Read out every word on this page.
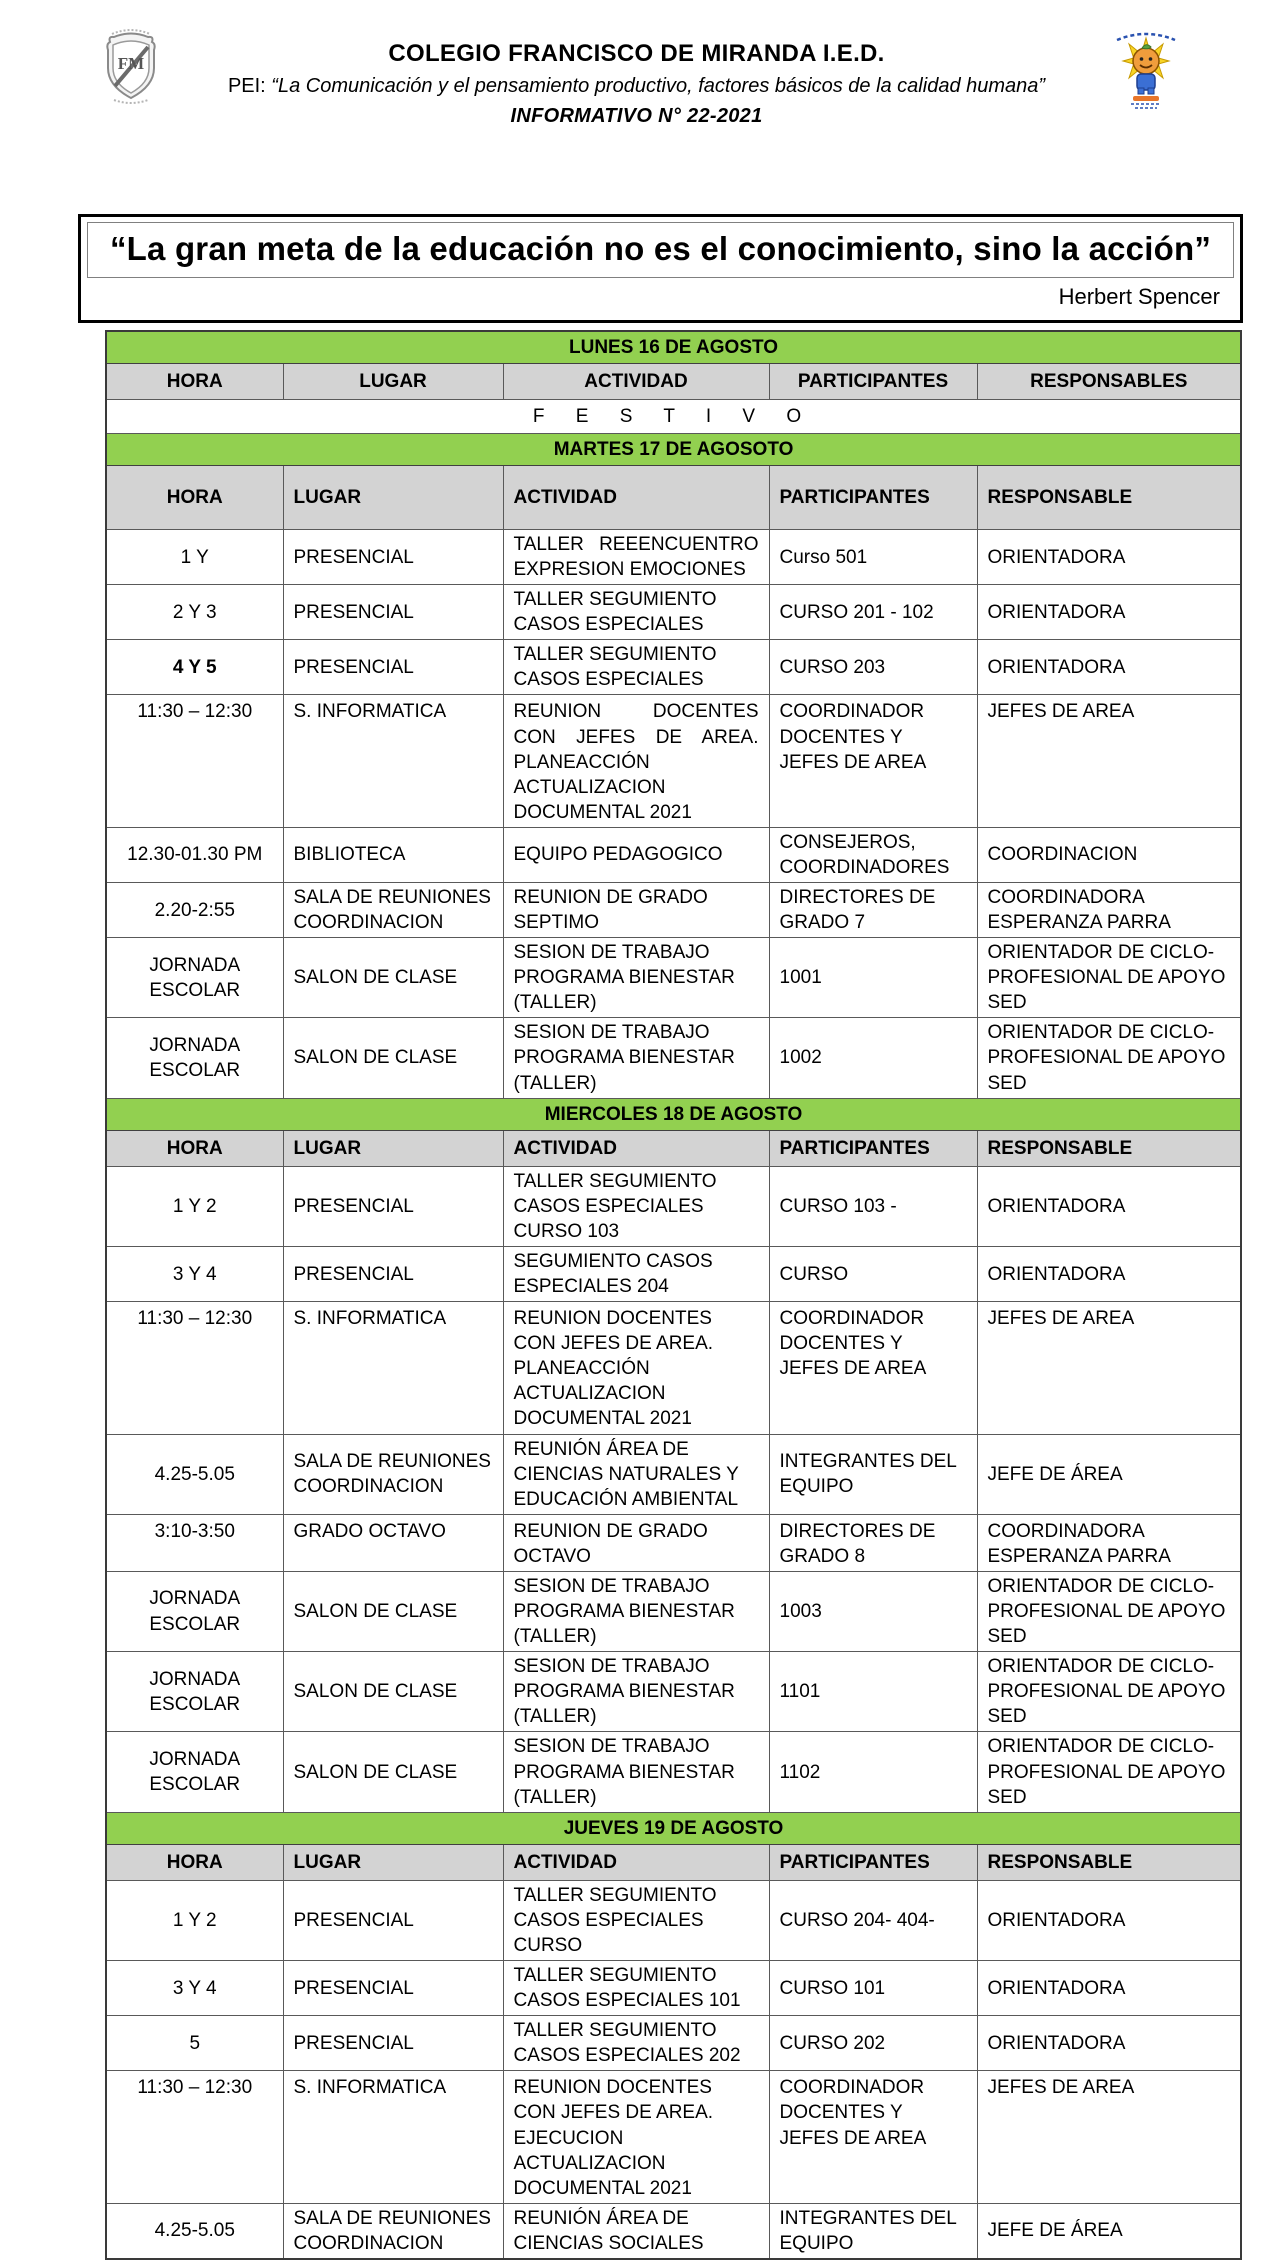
FM	COLEGIO FRANCISCO DE MIRANDA I.E.D.
PEI: “La Comunicación y el pensamiento productivo, factores básicos de la calidad humana”
INFORMATIVO N° 22-2021
“La gran meta de la educación no es el conocimiento, sino la acción”
Herbert Spencer
LUNES 16 DE AGOSTO				
HORA	LUGAR	ACTIVIDAD	PARTICIPANTES	RESPONSABLES
F E S T I V O				
MARTES 17 DE AGOSOTO				
HORA	LUGAR	ACTIVIDAD	PARTICIPANTES	RESPONSABLE
1 Y	PRESENCIAL	TALLER REEENCUENTRO EXPRESION EMOCIONES	Curso 501	ORIENTADORA
2 Y 3	PRESENCIAL	TALLER SEGUMIENTO CASOS ESPECIALES	CURSO 201 - 102	ORIENTADORA
4 Y 5	PRESENCIAL	TALLER SEGUMIENTO CASOS ESPECIALES	CURSO 203	ORIENTADORA
11:30 – 12:30	S. INFORMATICA	REUNION DOCENTES CON JEFES DE AREA. PLANEACCIÓN ACTUALIZACION DOCUMENTAL 2021	COORDINADOR DOCENTES Y JEFES DE AREA	JEFES DE AREA
12.30-01.30 PM	BIBLIOTECA	EQUIPO PEDAGOGICO	CONSEJEROS, COORDINADORES	COORDINACION
2.20-2:55	SALA DE REUNIONES COORDINACION	REUNION DE GRADO SEPTIMO	DIRECTORES DE GRADO 7	COORDINADORA ESPERANZA PARRA
JORNADA ESCOLAR	SALON DE CLASE	SESION DE TRABAJO PROGRAMA BIENESTAR (TALLER)	1001	ORIENTADOR DE CICLO- PROFESIONAL DE APOYO SED
JORNADA ESCOLAR	SALON DE CLASE	SESION DE TRABAJO PROGRAMA BIENESTAR (TALLER)	1002	ORIENTADOR DE CICLO- PROFESIONAL DE APOYO SED
MIERCOLES 18 DE AGOSTO				
HORA	LUGAR	ACTIVIDAD	PARTICIPANTES	RESPONSABLE
1 Y 2	PRESENCIAL	TALLER SEGUMIENTO CASOS ESPECIALES CURSO 103	CURSO 103 -	ORIENTADORA
3 Y 4	PRESENCIAL	SEGUMIENTO CASOS ESPECIALES 204	CURSO	ORIENTADORA
11:30 – 12:30	S. INFORMATICA	REUNION DOCENTES CON JEFES DE AREA. PLANEACCIÓN ACTUALIZACION DOCUMENTAL 2021	COORDINADOR DOCENTES Y JEFES DE AREA	JEFES DE AREA
4.25-5.05	SALA DE REUNIONES COORDINACION	REUNIÓN ÁREA DE CIENCIAS NATURALES Y EDUCACIÓN AMBIENTAL	INTEGRANTES DEL EQUIPO	JEFE DE ÁREA
3:10-3:50	GRADO OCTAVO	REUNION DE GRADO OCTAVO	DIRECTORES DE GRADO 8	COORDINADORA ESPERANZA PARRA
JORNADA ESCOLAR	SALON DE CLASE	SESION DE TRABAJO PROGRAMA BIENESTAR (TALLER)	1003	ORIENTADOR DE CICLO- PROFESIONAL DE APOYO SED
JORNADA ESCOLAR	SALON DE CLASE	SESION DE TRABAJO PROGRAMA BIENESTAR (TALLER)	1101	ORIENTADOR DE CICLO- PROFESIONAL DE APOYO SED
JORNADA ESCOLAR	SALON DE CLASE	SESION DE TRABAJO PROGRAMA BIENESTAR (TALLER)	1102	ORIENTADOR DE CICLO- PROFESIONAL DE APOYO SED
JUEVES 19 DE AGOSTO				
HORA	LUGAR	ACTIVIDAD	PARTICIPANTES	RESPONSABLE
1 Y 2	PRESENCIAL	TALLER SEGUMIENTO CASOS ESPECIALES CURSO	CURSO 204- 404-	ORIENTADORA
3 Y 4	PRESENCIAL	TALLER SEGUMIENTO CASOS ESPECIALES 101	CURSO 101	ORIENTADORA
5	PRESENCIAL	TALLER SEGUMIENTO CASOS ESPECIALES 202	CURSO 202	ORIENTADORA
11:30 – 12:30	S. INFORMATICA	REUNION DOCENTES CON JEFES DE AREA. EJECUCION ACTUALIZACION DOCUMENTAL 2021	COORDINADOR DOCENTES Y JEFES DE AREA	JEFES DE AREA
4.25-5.05	SALA DE REUNIONES COORDINACION	REUNIÓN ÁREA DE CIENCIAS SOCIALES	INTEGRANTES DEL EQUIPO	JEFE DE ÁREA
